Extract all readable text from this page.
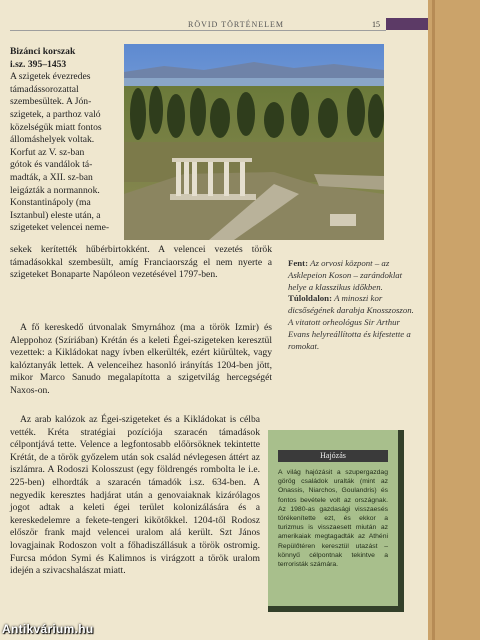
RÖVID TÖRTÉNELEM	15
Bizánci korszak
i.sz. 395–1453
A szigetek évezredes
támadássorozattal
szembesültek. A Jón-
szigetek, a parthoz való
közelségük miatt fontos
állomáshelyek voltak.
Korfut az V. sz-ban
gótok és vandálok tá-
madták, a XII. sz-ban
leigázták a normannok.
Konstantinápoly (ma
Isztanbul) eleste után, a
szigeteket velencei neme-
sekek kerítették hűbérbirtokként. A velencei vezetés török támadásokkal szembesült, amíg Franciaország el nem nyerte a szigeteket Bonaparte Napóleon vezetésével 1797-ben.
A fő kereskedő útvonalak Smyrnához (ma a török Izmir) és Aleppohoz (Szíriában) Krétán és a keleti Égei-szigeteken keresztül vezettek: a Kikládokat nagy ívben elkerülték, ezért kiürültek, vagy kalóztanyák lettek. A velenceihez hasonló irányítás 1204-ben jött, mikor Marco Sanudo megalapította a szigetvilág hercegségét Naxos-on.
Az arab kalózok az Égei-szigeteket és a Kikládokat is célba vették. Kréta stratégiai pozíciója szaracén támadások célpontjává tette. Velence a legfontosabb előörsöknek tekintette Krétát, de a török győzelem után sok család névlegesen áttért az iszlámra. A Rodoszi Kolosszust (egy földrengés rombolta le i.e. 225-ben) elhordták a szaracén támadók i.sz. 634-ben. A negyedik keresztes hadjárat után a genovaiaknak kizárólagos jogot adtak a keleti égei terület kolonizálására és a kereskedelemre a fekete-tengeri kikötőkkel. 1204-től Rodosz először frank majd velencei uralom alá került. Szt János lovagjainak Rodoszon volt a főhadiszállásuk a török ostromig. Furcsa módon Symi és Kalimnos is virágzott a török uralom idején a szivacshalászat miatt.
Fent: Az orvosi központ – az Asklepeion Koson – zarándoklat helye a klasszikus időkben.
Túloldalon: A minoszi kor dicsőségének darabja Knosszoszon. A vitatott orheológus Sir Arthur Evans helyreállította és kifestette a romokat.
Hajózás
A világ hajózásit a szupergazdag görög családok uralták (mint az Onassis, Niarchos, Goulandris) és fontos bevétele volt az országnak. Az 1980-as gazdasági visszaesés törékenítette ezt, és ekkor a turizmus is visszaesett miután az amerikaiak megtagadták az Athéni Repülőtéren keresztül utazást – könnyű célpontnak tekintve a terroristák számára.
Antikvárium.hu
